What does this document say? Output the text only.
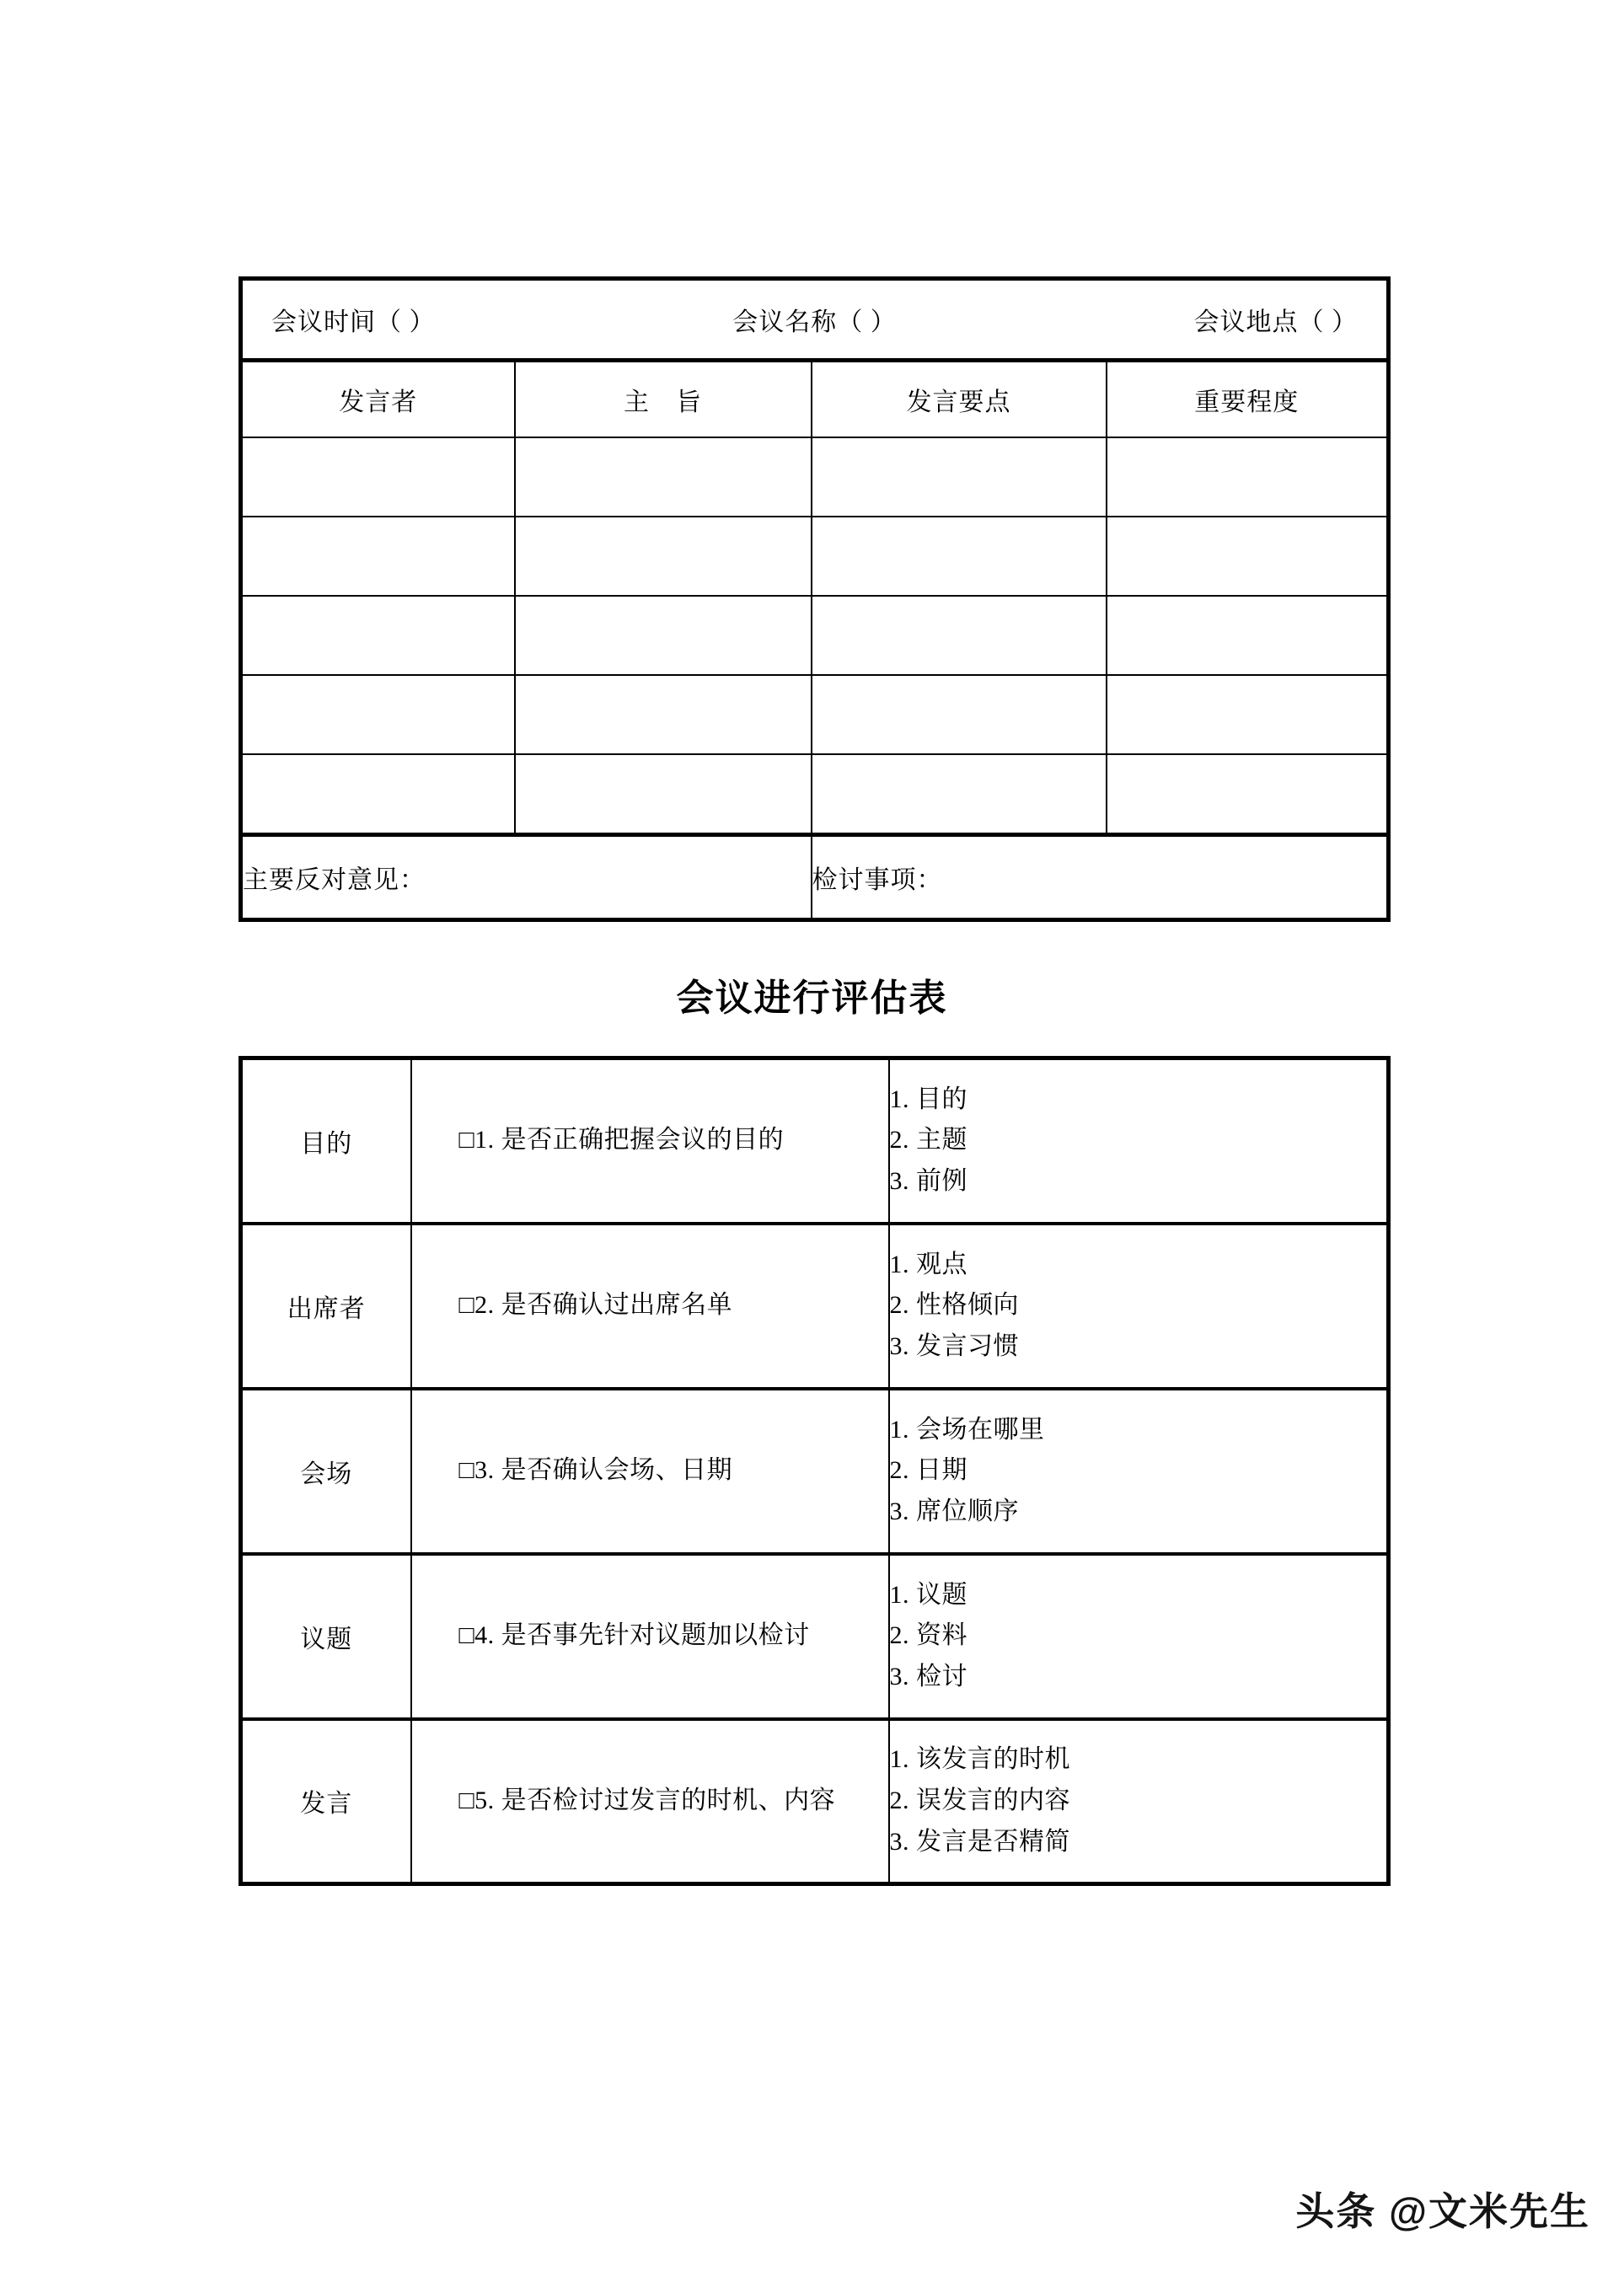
会议时间（ ） 会议名称（ ） 会议地点（ ）			

发言者	主　旨	发言要点	重要程度

主要反对意见：		检讨事项：	
会议进行评估表
目的	□1. 是否正确把握会议的目的	1. 目的
2. 主题
3. 前例

出席者	□2. 是否确认过出席名单	1. 观点
2. 性格倾向
3. 发言习惯

会场	□3. 是否确认会场、日期	1. 会场在哪里
2. 日期
3. 席位顺序

议题	□4. 是否事先针对议题加以检讨	1. 议题
2. 资料
3. 检讨

发言	□5. 是否检讨过发言的时机、内容	1. 该发言的时机
2. 误发言的内容
3. 发言是否精简
头条 @文米先生
